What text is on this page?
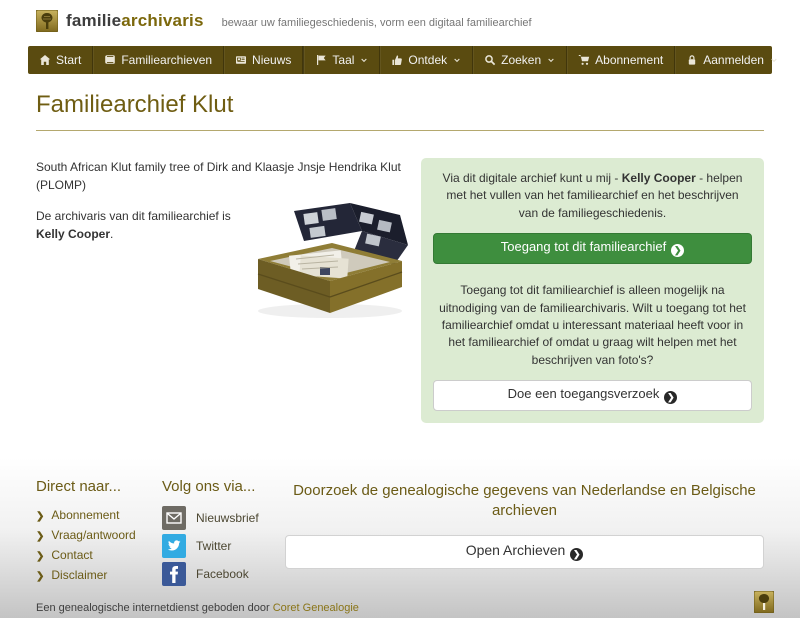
familiearchivaris bewaar uw familiegeschiedenis, vorm een digitaal familiearchief
Start	Familiearchieven	Nieuws	Taal	Ontdek	Zoeken	Abonnement	Aanmelden
Familiearchief Klut

South African Klut family tree of Dirk and Klaasje Jnsje Hendrika Klut (PLOMP)

De archivaris van dit familiearchief is Kelly Cooper.

Via dit digitale archief kunt u mij - Kelly Cooper - helpen met het vullen van het familiearchief en het beschrijven van de familiegeschiedenis.

Toegang tot dit familiearchief ❯

Toegang tot dit familiearchief is alleen mogelijk na uitnodiging van de familiearchivaris. Wilt u toegang tot het familiearchief omdat u interessant materiaal heeft voor in het familiearchief of omdat u graag wilt helpen met het beschrijven van foto's?

Doe een toegangsverzoek ❯
Direct naar...
❯ Abonnement
❯ Vraag/antwoord
❯ Contact
❯ Disclaimer
Volg ons via...
Nieuwsbrief
Twitter
Facebook

Doorzoek de genealogische gegevens van Nederlandse en Belgische archieven

Open Archieven ❯
Een genealogische internetdienst geboden door Coret Genealogie
